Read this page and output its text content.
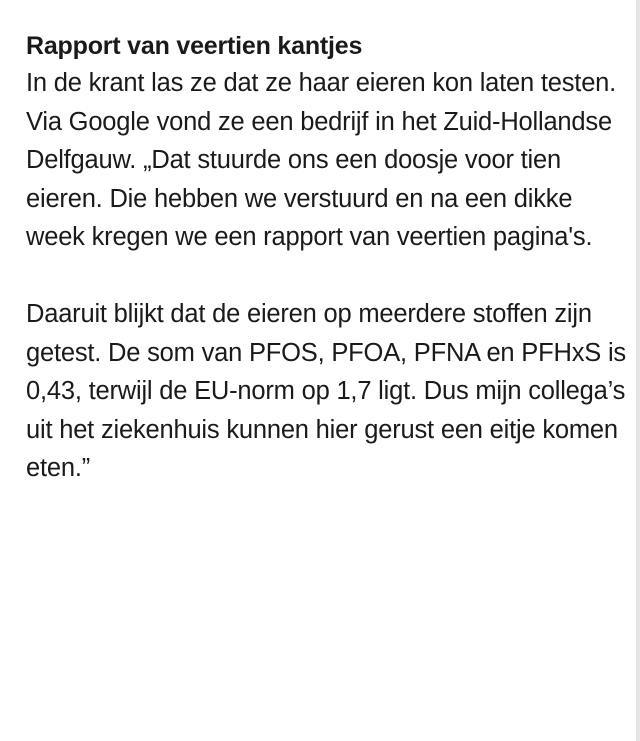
Rapport van veertien kantjes

In de krant las ze dat ze haar eieren kon laten testen. Via Google vond ze een bedrijf in het Zuid-Hollandse Delfgauw. „Dat stuurde ons een doosje voor tien eieren. Die hebben we verstuurd en na een dikke week kregen we een rapport van veertien pagina's.

Daaruit blijkt dat de eieren op meerdere stoffen zijn getest. De som van PFOS, PFOA, PFNA en PFHxS is 0,43, terwijl de EU-norm op 1,7 ligt. Dus mijn collega’s uit het ziekenhuis kunnen hier gerust een eitje komen eten.”
